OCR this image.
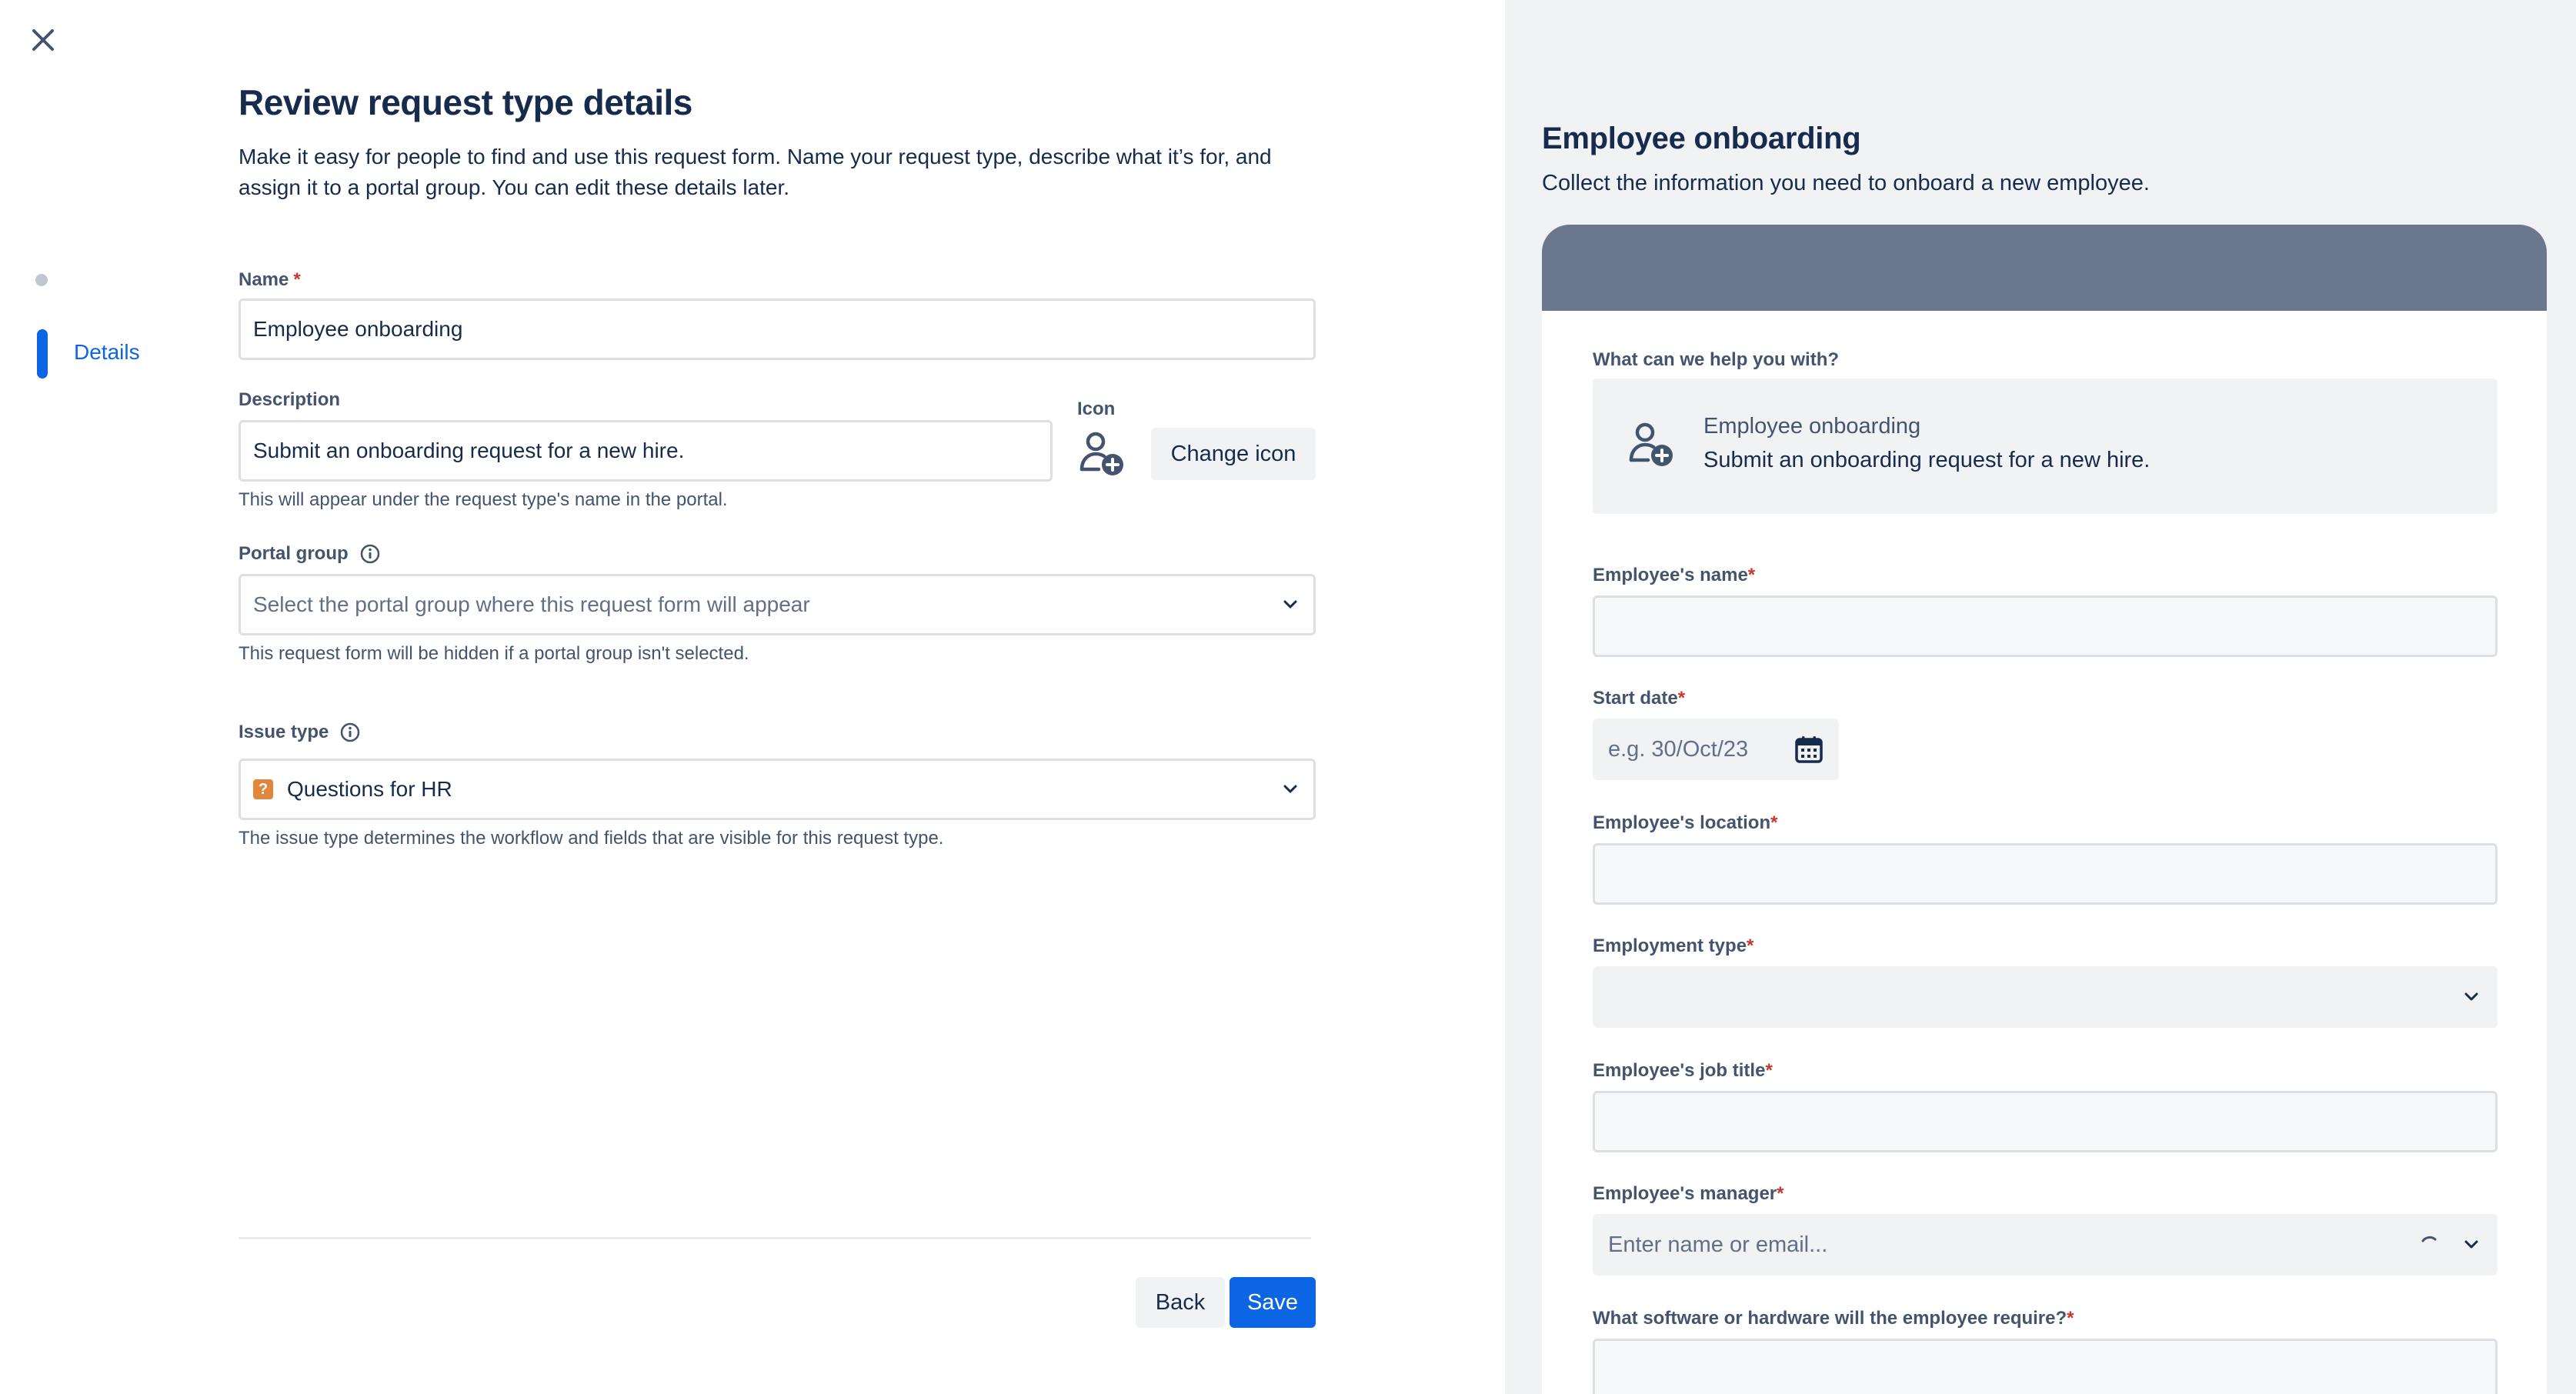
Details
Review request type details
Make it easy for people to find and use this request form. Name your request type, describe what it’s for, and assign it to a portal group. You can edit these details later.
Name *
Employee onboarding
Description
Submit an onboarding request for a new hire.
This will appear under the request type's name in the portal.
Icon
Change icon
Portal group
Select the portal group where this request form will appear
This request form will be hidden if a portal group isn't selected.
Issue type
? Questions for HR
The issue type determines the workflow and fields that are visible for this request type.
Back	Save
Employee onboarding
Collect the information you need to onboard a new employee.
What can we help you with?
Employee onboarding
Submit an onboarding request for a new hire.
Employee's name*
Start date*
e.g. 30/Oct/23
Employee's location*
Employment type*
Employee's job title*
Employee's manager*
Enter name or email...
What software or hardware will the employee require?*
